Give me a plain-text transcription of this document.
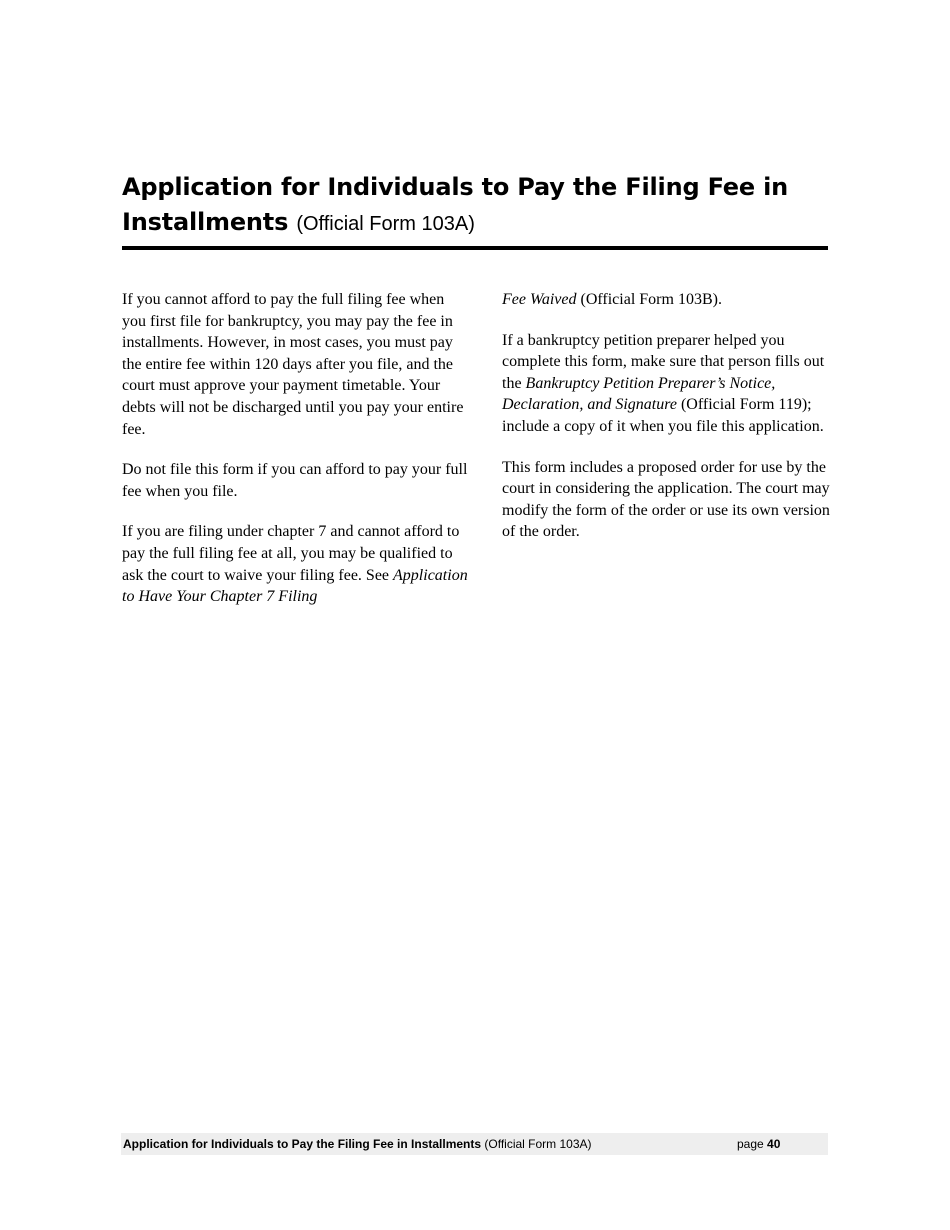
Application for Individuals to Pay the Filing Fee in Installments (Official Form 103A)

If you cannot afford to pay the full filing fee when you first file for bankruptcy, you may pay the fee in installments. However, in most cases, you must pay the entire fee within 120 days after you file, and the court must approve your payment timetable. Your debts will not be discharged until you pay your entire fee.

Do not file this form if you can afford to pay your full fee when you file.

If you are filing under chapter 7 and cannot afford to pay the full filing fee at all, you may be qualified to ask the court to waive your filing fee. See Application to Have Your Chapter 7 Filing

Fee Waived (Official Form 103B).

If a bankruptcy petition preparer helped you complete this form, make sure that person fills out the Bankruptcy Petition Preparer’s Notice, Declaration, and Signature (Official Form 119); include a copy of it when you file this application.

This form includes a proposed order for use by the court in considering the application. The court may modify the form of the order or use its own version of the order.

Application for Individuals to Pay the Filing Fee in Installments (Official Form 103A)	page 40
